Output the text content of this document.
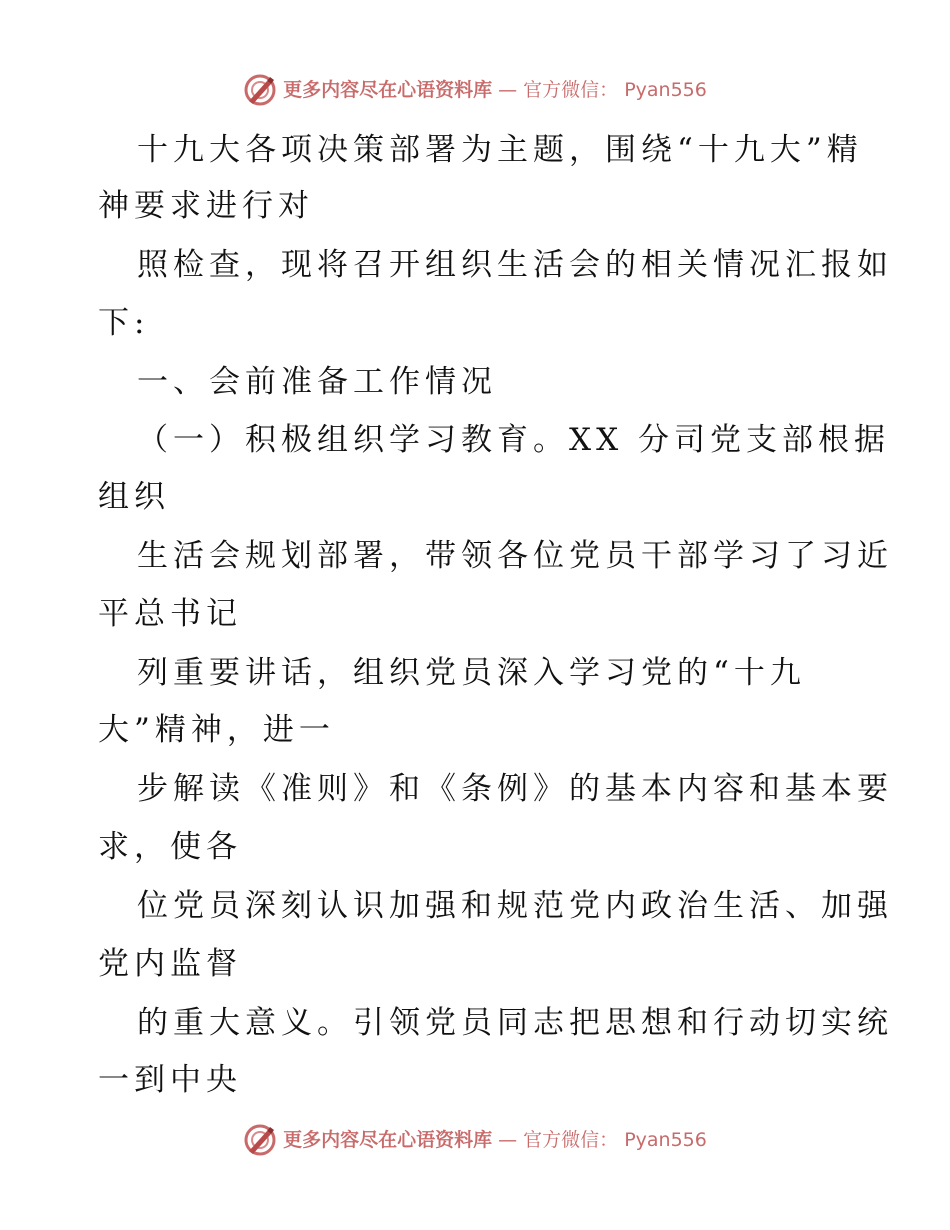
更多内容尽在心语资料库 — 官方微信： Pyan556
十九大各项决策部署为主题，围绕“十九大”精
神要求进行对
照检查，现将召开组织生活会的相关情况汇报如
下:
一、会前准备工作情况
（一）积极组织学习教育。XX 分司党支部根据
组织
生活会规划部署，带领各位党员干部学习了习近
平总书记
列重要讲话，组织党员深入学习党的“十九
大”精神，进一
步解读《准则》和《条例》的基本内容和基本要
求，使各
位党员深刻认识加强和规范党内政治生活、加强
党内监督
的重大意义。引领党员同志把思想和行动切实统
一到中央
更多内容尽在心语资料库 — 官方微信： Pyan556
